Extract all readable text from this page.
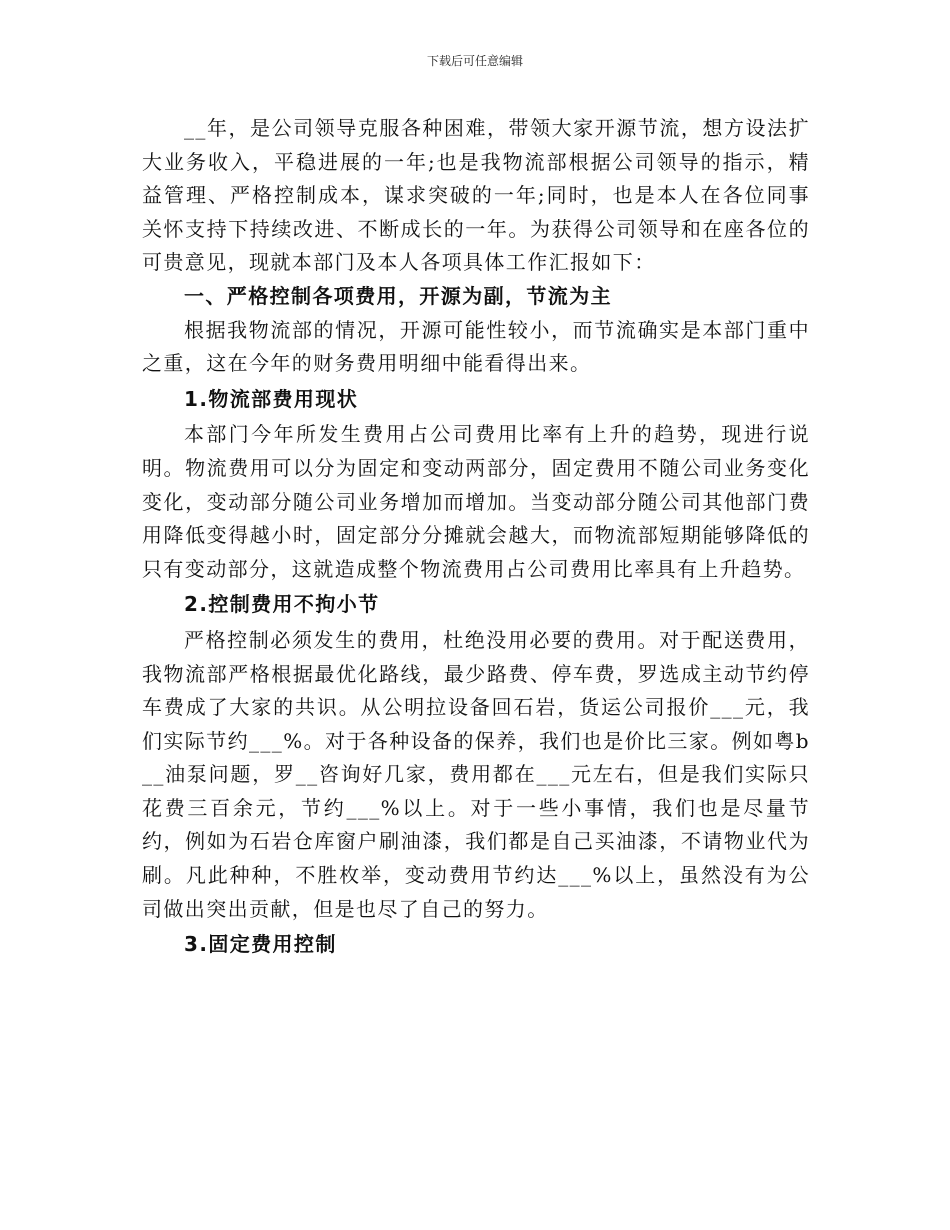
下载后可任意编辑

__年，是公司领导克服各种困难，带领大家开源节流，想方设法扩大业务收入，平稳进展的一年;也是我物流部根据公司领导的指示，精益管理、严格控制成本，谋求突破的一年;同时，也是本人在各位同事关怀支持下持续改进、不断成长的一年。为获得公司领导和在座各位的可贵意见，现就本部门及本人各项具体工作汇报如下：

一、严格控制各项费用，开源为副，节流为主

根据我物流部的情况，开源可能性较小，而节流确实是本部门重中之重，这在今年的财务费用明细中能看得出来。

1.物流部费用现状

本部门今年所发生费用占公司费用比率有上升的趋势，现进行说明。物流费用可以分为固定和变动两部分，固定费用不随公司业务变化变化，变动部分随公司业务增加而增加。当变动部分随公司其他部门费用降低变得越小时，固定部分分摊就会越大，而物流部短期能够降低的只有变动部分，这就造成整个物流费用占公司费用比率具有上升趋势。

2.控制费用不拘小节

严格控制必须发生的费用，杜绝没用必要的费用。对于配送费用，我物流部严格根据最优化路线，最少路费、停车费，罗选成主动节约停车费成了大家的共识。从公明拉设备回石岩，货运公司报价___元，我们实际节约___%。对于各种设备的保养，我们也是价比三家。例如粤b__油泵问题，罗__咨询好几家，费用都在___元左右，但是我们实际只花费三百余元，节约___%以上。对于一些小事情，我们也是尽量节约，例如为石岩仓库窗户刷油漆，我们都是自己买油漆，不请物业代为刷。凡此种种，不胜枚举，变动费用节约达___%以上，虽然没有为公司做出突出贡献，但是也尽了自己的努力。

3.固定费用控制
